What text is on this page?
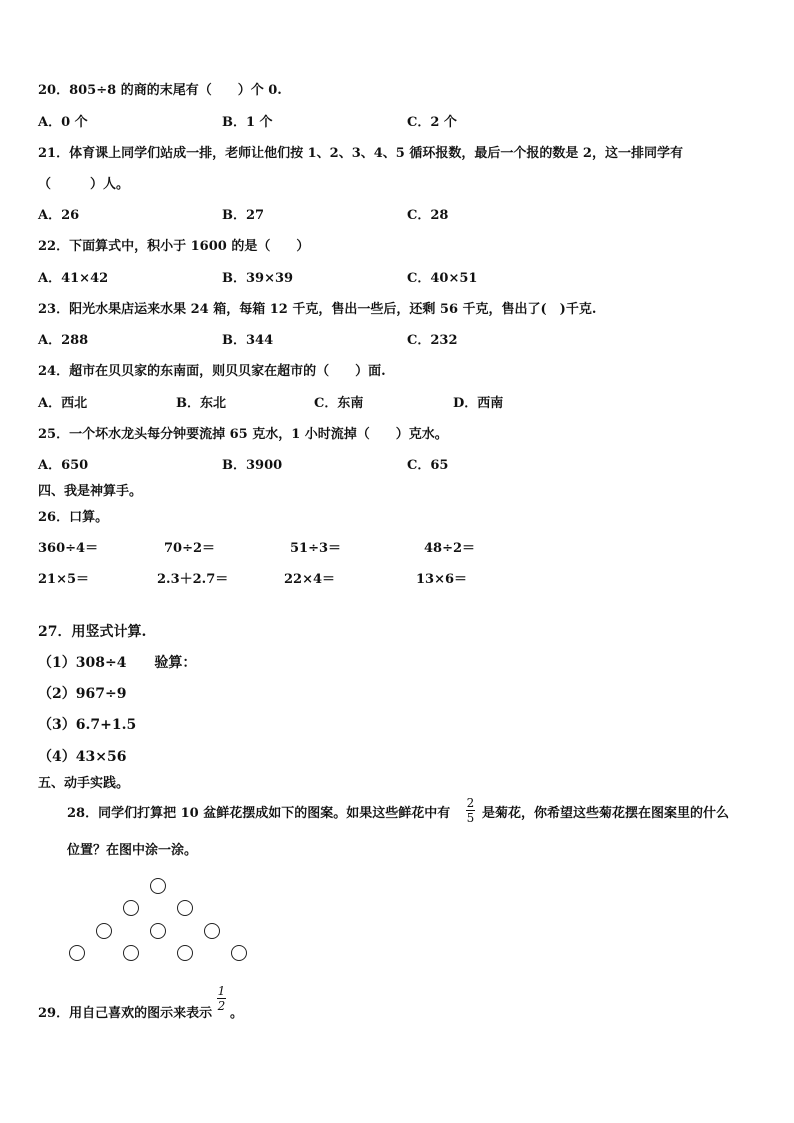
20．805÷8 的商的末尾有（　　）个 0.
A．0 个	B．1 个	C．2 个
21．体育课上同学们站成一排，老师让他们按 1、2、3、4、5 循环报数，最后一个报的数是 2，这一排同学有
（　　　）人。
A．26	B．27	C．28
22．下面算式中，积小于 1600 的是（　　）
A．41×42	B．39×39	C．40×51
23．阳光水果店运来水果 24 箱，每箱 12 千克，售出一些后，还剩 56 千克，售出了(　)千克.
A．288	B．344	C．232
24．超市在贝贝家的东南面，则贝贝家在超市的（　　）面.
A．西北	B．东北	C．东南	D．西南
25．一个坏水龙头每分钟要流掉 65 克水，1 小时流掉（　　）克水。
A．650	B．3900	C．65
四、我是神算手。
26．口算。
360÷4＝	70÷2＝	51÷3＝	48÷2＝
21×5＝	2.3＋2.7＝	22×4＝	13×6＝
27．用竖式计算.
（1）308÷4　　验算：
（2）967÷9
（3）6.7+1.5
（4）43×56
五、动手实践。
28．同学们打算把 10 盆鲜花摆成如下的图案。如果这些鲜花中有
2
5 是菊花，你希望这些菊花摆在图案里的什么
位置？在图中涂一涂。
29．用自己喜欢的图示来表示
1
2 。
